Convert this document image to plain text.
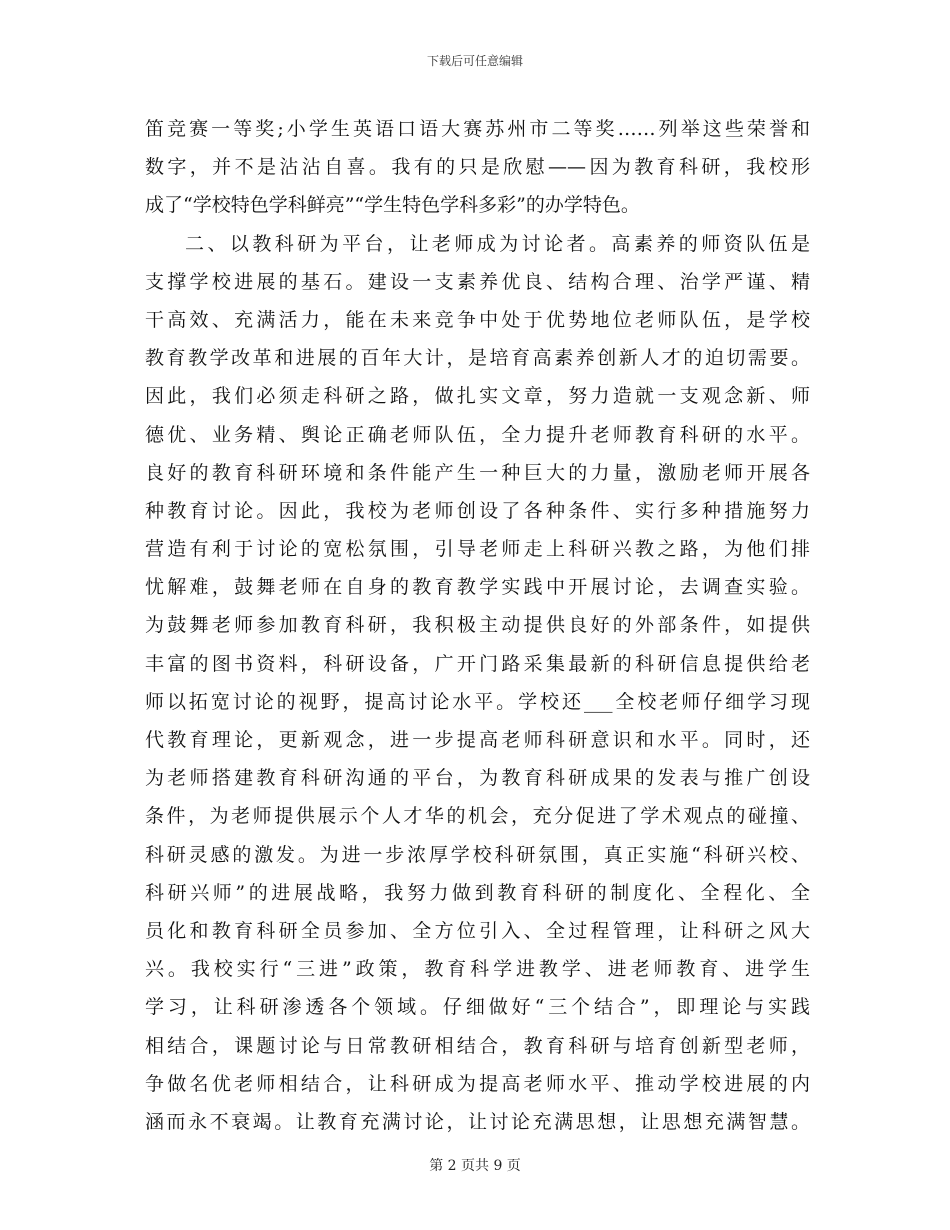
下载后可任意编辑
笛竞赛一等奖;小学生英语口语大赛苏州市二等奖……列举这些荣誉和
数字，并不是沾沾自喜。我有的只是欣慰——因为教育科研，我校形
成了“学校特色学科鲜亮”“学生特色学科多彩”的办学特色。
二、以教科研为平台，让老师成为讨论者。高素养的师资队伍是
支撑学校进展的基石。建设一支素养优良、结构合理、治学严谨、精
干高效、充满活力，能在未来竞争中处于优势地位老师队伍，是学校
教育教学改革和进展的百年大计，是培育高素养创新人才的迫切需要。
因此，我们必须走科研之路，做扎实文章，努力造就一支观念新、师
德优、业务精、舆论正确老师队伍，全力提升老师教育科研的水平。
良好的教育科研环境和条件能产生一种巨大的力量，激励老师开展各
种教育讨论。因此，我校为老师创设了各种条件、实行多种措施努力
营造有利于讨论的宽松氛围，引导老师走上科研兴教之路，为他们排
忧解难，鼓舞老师在自身的教育教学实践中开展讨论，去调查实验。
为鼓舞老师参加教育科研，我积极主动提供良好的外部条件，如提供
丰富的图书资料，科研设备，广开门路采集最新的科研信息提供给老
师以拓宽讨论的视野，提高讨论水平。学校还___全校老师仔细学习现
代教育理论，更新观念，进一步提高老师科研意识和水平。同时，还
为老师搭建教育科研沟通的平台，为教育科研成果的发表与推广创设
条件，为老师提供展示个人才华的机会，充分促进了学术观点的碰撞、
科研灵感的激发。为进一步浓厚学校科研氛围，真正实施“科研兴校、
科研兴师”的进展战略，我努力做到教育科研的制度化、全程化、全
员化和教育科研全员参加、全方位引入、全过程管理，让科研之风大
兴。我校实行“三进”政策，教育科学进教学、进老师教育、进学生
学习，让科研渗透各个领域。仔细做好“三个结合”，即理论与实践
相结合，课题讨论与日常教研相结合，教育科研与培育创新型老师，
争做名优老师相结合，让科研成为提高老师水平、推动学校进展的内
涵而永不衰竭。让教育充满讨论，让讨论充满思想，让思想充满智慧。
第 2 页共 9 页
